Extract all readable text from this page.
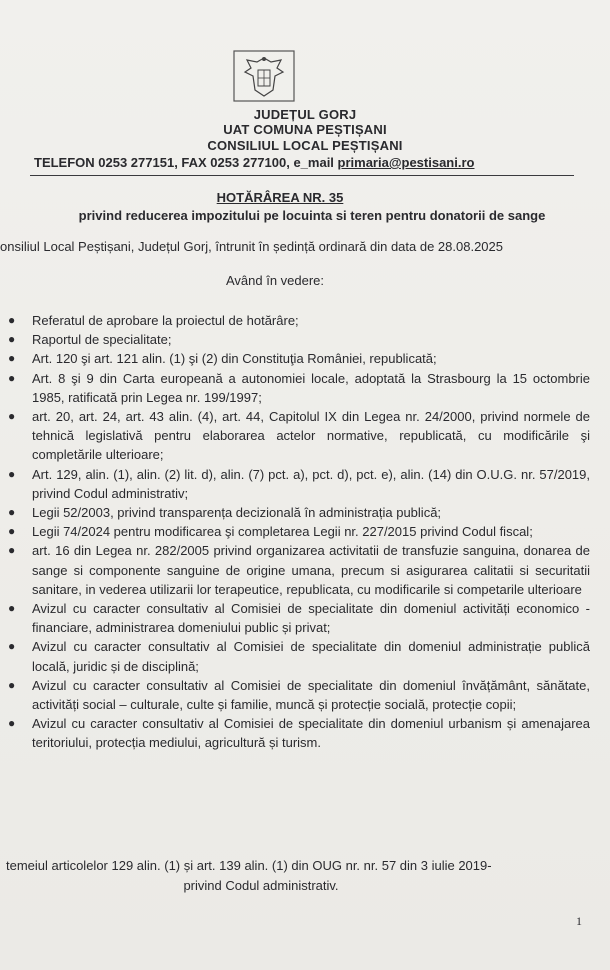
JUDEȚUL GORJ
UAT COMUNA PEȘTIȘANI
CONSILIUL LOCAL PEȘTIȘANI
TELEFON 0253 277151, FAX 0253 277100, e_mail primaria@pestisani.ro
HOTĂRÂREA NR. 35
privind reducerea impozitului pe locuinta si teren pentru donatorii de sange
onsiliul Local Peștișani, Județul Gorj, întrunit în ședință ordinară din data de 28.08.2025
Având în vedere:
● Referatul de aprobare la proiectul de hotărâre;
● Raportul de specialitate;
● Art. 120 şi art. 121 alin. (1) şi (2) din Constituţia României, republicată;
● Art. 8 şi 9 din Carta europeană a autonomiei locale, adoptată la Strasbourg la 15 octombrie 1985, ratificată prin Legea nr. 199/1997;
● art. 20, art. 24, art. 43 alin. (4), art. 44, Capitolul IX din Legea nr. 24/2000, privind normele de tehnică legislativă pentru elaborarea actelor normative, republicată, cu modificările şi completările ulterioare;
● Art. 129, alin. (1), alin. (2) lit. d), alin. (7) pct. a), pct. d), pct. e), alin. (14) din O.U.G. nr. 57/2019, privind Codul administrativ;
● Legii 52/2003, privind transparența decizională în administrația publică;
● Legii 74/2024 pentru modificarea şi completarea Legii nr. 227/2015 privind Codul fiscal;
● art. 16 din Legea nr. 282/2005 privind organizarea activitatii de transfuzie sanguina, donarea de sange si componente sanguine de origine umana, precum si asigurarea calitatii si securitatii sanitare, in vederea utilizarii lor terapeutice, republicata, cu modificarile si competarile ulterioare
● Avizul cu caracter consultativ al Comisiei de specialitate din domeniul activități economico - financiare, administrarea domeniului public și privat;
● Avizul cu caracter consultativ al Comisiei de specialitate din domeniul administrație publică locală, juridic și de disciplină;
● Avizul cu caracter consultativ al Comisiei de specialitate din domeniul învățământ, sănătate, activități social – culturale, culte și familie, muncă și protecție socială, protecție copii;
● Avizul cu caracter consultativ al Comisiei de specialitate din domeniul urbanism și amenajarea teritoriului, protecția mediului, agricultură și turism.
temeiul articolelor 129 alin. (1) și art. 139 alin. (1) din OUG nr. nr. 57 din 3 iulie 2019-
privind Codul administrativ.
1
